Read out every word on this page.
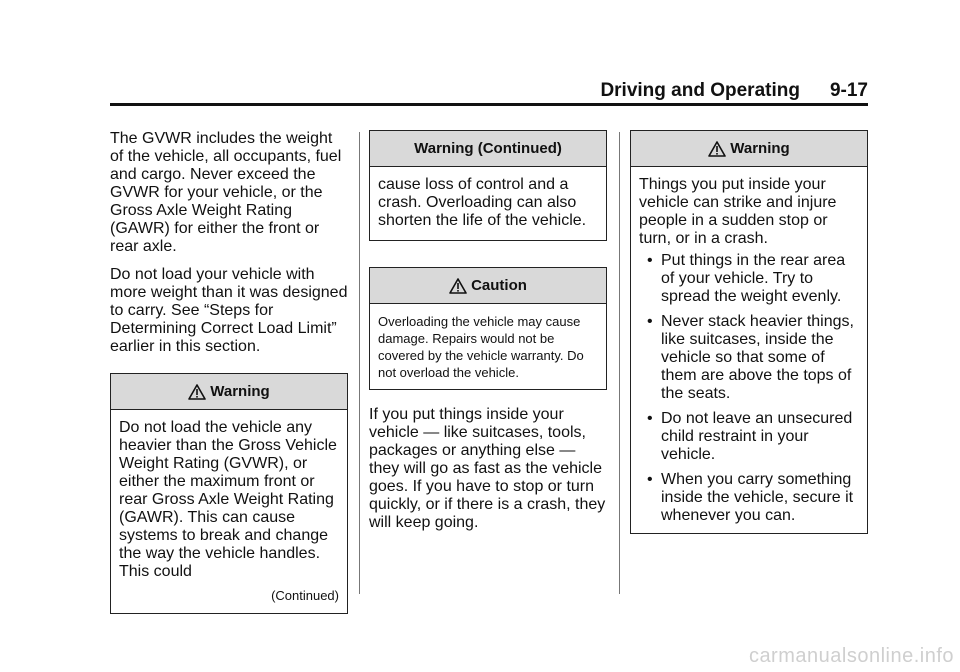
Driving and Operating 9-17

The GVWR includes the weight of the vehicle, all occupants, fuel and cargo. Never exceed the GVWR for your vehicle, or the Gross Axle Weight Rating (GAWR) for either the front or rear axle.

Do not load your vehicle with more weight than it was designed to carry. See “Steps for Determining Correct Load Limit” earlier in this section.

Warning

Do not load the vehicle any heavier than the Gross Vehicle Weight Rating (GVWR), or either the maximum front or rear Gross Axle Weight Rating (GAWR). This can cause systems to break and change the way the vehicle handles. This could

(Continued)
Warning (Continued)

cause loss of control and a crash. Overloading can also shorten the life of the vehicle.

Caution

Overloading the vehicle may cause damage. Repairs would not be covered by the vehicle warranty. Do not overload the vehicle.

If you put things inside your vehicle — like suitcases, tools, packages or anything else — they will go as fast as the vehicle goes. If you have to stop or turn quickly, or if there is a crash, they will keep going.

Warning

Things you put inside your vehicle can strike and injure people in a sudden stop or turn, or in a crash.

• Put things in the rear area of your vehicle. Try to spread the weight evenly.
• Never stack heavier things, like suitcases, inside the vehicle so that some of them are above the tops of the seats.
• Do not leave an unsecured child restraint in your vehicle.
• When you carry something inside the vehicle, secure it whenever you can.
carmanualsonline.info
